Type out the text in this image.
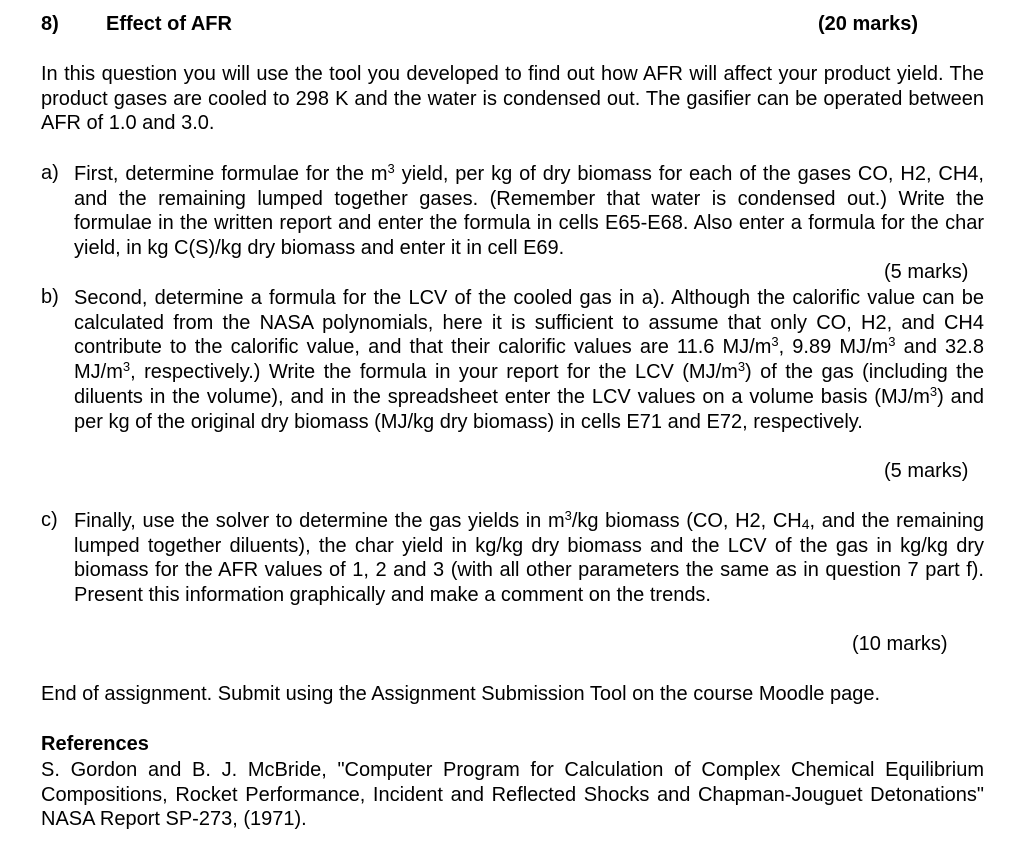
8) Effect of AFR	(20 marks)
In this question you will use the tool you developed to find out how AFR will affect your product yield. The product gases are cooled to 298 K and the water is condensed out. The gasifier can be operated between AFR of 1.0 and 3.0.
a) First, determine formulae for the $m^3$ yield, per kg of dry biomass for each of the gases CO, H2, CH4, and the remaining lumped together gases. (Remember that water is condensed out.) Write the formulae in the written report and enter the formula in cells E65-E68. Also enter a formula for the char yield, in kg C(S)/kg dry biomass and enter it in cell E69.
(5 marks)
b) Second, determine a formula for the LCV of the cooled gas in a). Although the calorific value can be calculated from the NASA polynomials, here it is sufficient to assume that only CO, H2, and CH4 contribute to the calorific value, and that their calorific values are 11.6 $MJ/m^3$, 9.89 $MJ/m^3$ and 32.8 $MJ/m^3$, respectively.) Write the formula in your report for the LCV $(MJ/m^3)$ of the gas (including the diluents in the volume), and in the spreadsheet enter the LCV values on a volume basis $(MJ/m^3)$ and per kg of the original dry biomass (MJ/kg dry biomass) in cells E71 and E72, respectively.
(5 marks)
c) Finally, use the solver to determine the gas yields in $m^3/kg$ biomass (CO, H2, $CH_4$, and the remaining lumped together diluents), the char yield in kg/kg dry biomass and the LCV of the gas in kg/kg dry biomass for the AFR values of 1, 2 and 3 (with all other parameters the same as in question 7 part f). Present this information graphically and make a comment on the trends.
(10 marks)
End of assignment. Submit using the Assignment Submission Tool on the course Moodle page.
References
S. Gordon and B. J. McBride, "Computer Program for Calculation of Complex Chemical Equilibrium Compositions, Rocket Performance, Incident and Reflected Shocks and Chapman-Jouguet Detonations" NASA Report SP-273, (1971).
